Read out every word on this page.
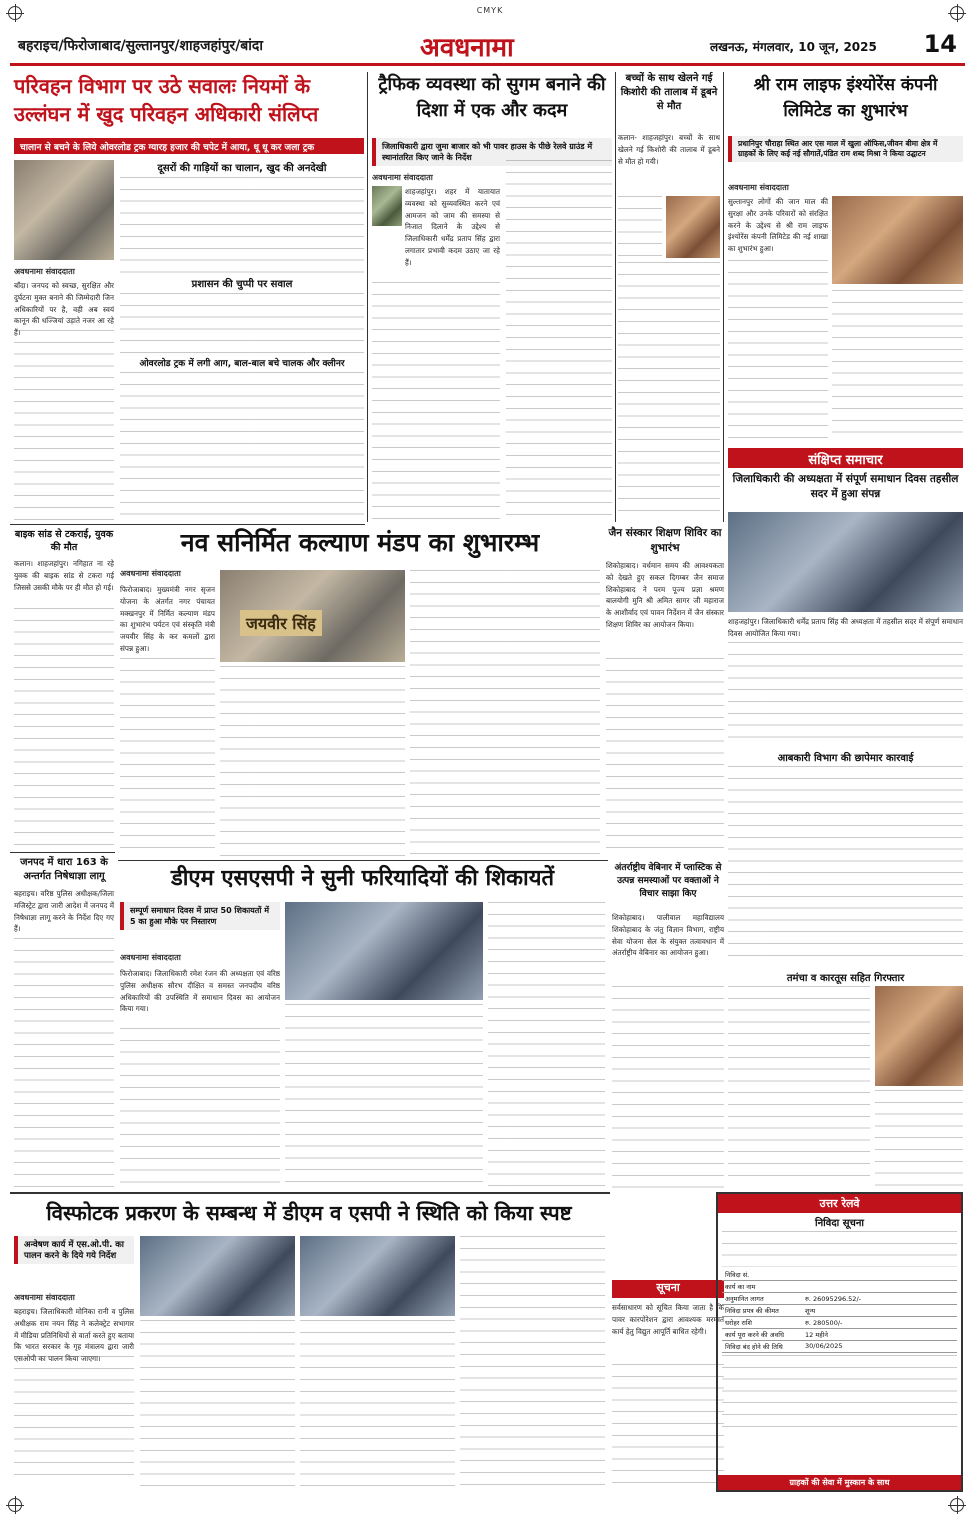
CMYK
बहराइच/फिरोजाबाद/सुल्तानपुर/शाहजहांपुर/बांदा	अवधनामा	लखनऊ, मंगलवार, 10 जून, 2025 14
परिवहन विभाग पर उठे सवालः नियमों के उल्लंघन में खुद परिवहन अधिकारी संलिप्त
चालान से बचने के लिये ओवरलोड ट्रक ग्यारह हजार की चपेट में आया, धू धू कर जला ट्रक
अवधनामा संवाददाता
बाँदा। जनपद को स्वच्छ, सुरक्षित और दुर्घटना मुक्त बनाने की जिम्मेदारी जिन अधिकारियों पर है, वही अब स्वयं कानून की धज्जियां उड़ाते नजर आ रहे हैं।
दूसरों की गाड़ियों का चालान, खुद की अनदेखी
प्रशासन की चुप्पी पर सवाल
ओवरलोड ट्रक में लगी आग, बाल-बाल बचे चालक और क्लीनर
ट्रैफिक व्यवस्था को सुगम बनाने की दिशा में एक और कदम
जिलाधिकारी द्वारा जुमा बाजार को भी पावर हाउस के पीछे रेलवे ग्राउंड में स्थानांतरित किए जाने के निर्देश
अवधनामा संवाददाता
शाहजहांपुर। शहर में यातायात व्यवस्था को सुव्यवस्थित करने एवं आमजन को जाम की समस्या से निजात दिलाने के उद्देश्य से जिलाधिकारी धर्मेंद्र प्रताप सिंह द्वारा लगातार प्रभावी कदम उठाए जा रहे हैं।
बच्चों के साथ खेलने गई किशोरी की तालाब में डूबने से मौत
कलान- शाहजहांपुर। बच्चों के साथ खेलने गई किशोरी की तालाब में डूबने से मौत हो गयी।
श्री राम लाइफ इंश्योरेंस कंपनी लिमिटेड का शुभारंभ
प्रधानिपुर चौराहा स्थित आर एस माल में खुला ऑफिस,जीवन बीमा क्षेत्र में ग्राहकों के लिए कई नई सौगातें,पंडित राम शब्द मिश्रा ने किया उद्घाटन
अवधनामा संवाददाता
सुल्तानपुर लोगों की जान माल की सुरक्षा और उनके परिवारों को संरक्षित करने के उद्देश्य से श्री राम लाइफ इंश्योरेंस कंपनी लिमिटेड की नई शाखा का शुभारंभ हुआ।
संक्षिप्त समाचार
जिलाधिकारी की अध्यक्षता में संपूर्ण समाधान दिवस तहसील सदर में हुआ संपन्न
शाहजहांपुर। जिलाधिकारी धर्मेंद्र प्रताप सिंह की अध्यक्षता में तहसील सदर में संपूर्ण समाधान दिवस आयोजित किया गया।
बाइक सांड से टकराई, युवक की मौत
कलान। शाहजहांपुर। नगिहात ना रहे युवक की बाइक सांड से टकरा गई जिससे उसकी मौके पर ही मौत हो गई।
नव सनिर्मित कल्याण मंडप का शुभारम्भ
अवधनामा संवाददाता
फिरोजाबाद। मुख्यमंत्री नगर सृजन योजना के अंतर्गत नगर पंचायत मक्खनपुर में निर्मित कल्याण मंडप का शुभारंभ पर्यटन एवं संस्कृति मंत्री जयवीर सिंह के कर कमलों द्वारा संपन्न हुआ।
जयवीर सिंह
जैन संस्कार शिक्षण शिविर का शुभारंभ
शिकोहाबाद। वर्धमान समय की आवश्यकता को देखते हुए सकल दिगम्बर जैन समाज शिकोहाबाद ने परम पूज्य प्रज्ञा श्रमण बालयोगी मुनि श्री अमित सागर जी महाराज के आशीर्वाद एवं पावन निर्देशन में जैन संस्कार शिक्षण शिविर का आयोजन किया।
आबकारी विभाग की छापेमार कारवाई
जनपद में धारा 163 के अन्तर्गत निषेधाज्ञा लागू
बहराइच। वरिष्ठ पुलिस अधीक्षक/जिला मजिस्ट्रेट द्वारा जारी आदेश में जनपद में निषेधाज्ञा लागू करने के निर्देश दिए गए हैं।
डीएम एसएसपी ने सुनी फरियादियों की शिकायतें
सम्पूर्ण समाधान दिवस में प्राप्त 50 शिकायतों में 5 का हुआ मौके पर निस्तारण
अवधनामा संवाददाता
फिरोजाबाद। जिलाधिकारी रमेश रंजन की अध्यक्षता एवं वरिष्ठ पुलिस अधीक्षक सौरभ दीक्षित व समस्त जनपदीय वरिष्ठ अधिकारियों की उपस्थिति में समाधान दिवस का आयोजन किया गया।
अंतर्राष्ट्रीय वेबिनार में प्लास्टिक से उत्पन्न समस्याओं पर वक्ताओं ने विचार साझा किए
शिकोहाबाद। पालीवाल महाविद्यालय शिकोहाबाद के जंतु विज्ञान विभाग, राष्ट्रीय सेवा योजना सेल के संयुक्त तत्वावधान में अंतर्राष्ट्रीय वेबिनार का आयोजन हुआ।
तमंचा व कारतूस सहित गिरफ्तार
विस्फोटक प्रकरण के सम्बन्ध में डीएम व एसपी ने स्थिति को किया स्पष्ट
अन्वेषण कार्य में एस.ओ.पी. का पालन करने के दिये गये निर्देश
अवधनामा संवाददाता
बहराइच। जिलाधिकारी मोनिका रानी व पुलिस अधीक्षक राम नयन सिंह ने कलेक्ट्रेट सभागार में मीडिया प्रतिनिधियों से वार्ता करते हुए बताया कि भारत सरकार के गृह मंत्रालय द्वारा जारी एसओपी का पालन किया जाएगा।
सूचना
सर्वसाधारण को सूचित किया जाता है कि पावर कारपोरेशन द्वारा आवश्यक मरम्मत कार्य हेतु विद्युत आपूर्ति बाधित रहेगी।
उत्तर रेलवे
निविदा सूचना
निविदा सं.
कार्य का नाम
अनुमानित लागत	रु. 26095296.52/-
निविदा प्रपत्र की कीमत	शून्य
धरोहर राशि	रु. 280500/-
कार्य पूरा करने की अवधि	12 महीने
निविदा बंद होने की तिथि	30/06/2025
ग्राहकों की सेवा में मुस्कान के साथ
